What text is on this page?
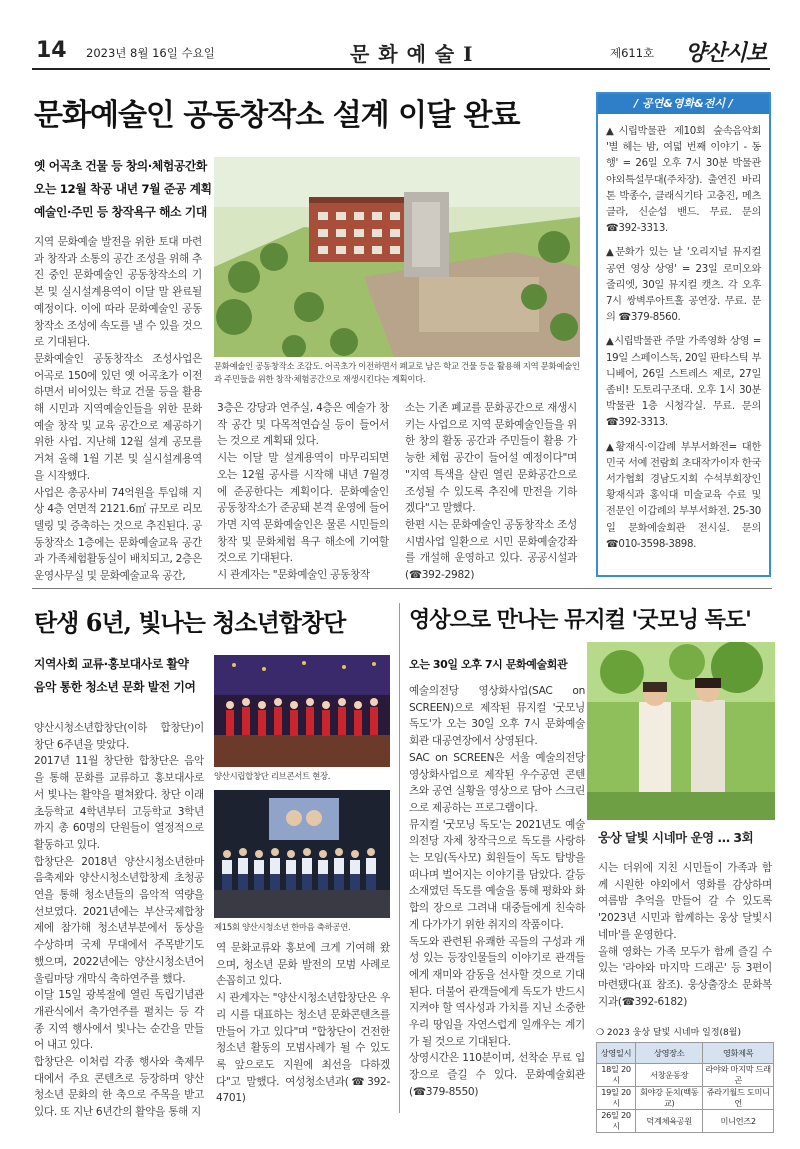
14 2023년 8월 16일 수요일	문 화 예 술 Ⅰ	제611호 양산시보
문화예술인 공동창작소 설계 이달 완료
옛 어곡초 건물 등 창의·체험공간화
오는 12월 착공 내년 7월 준공 계획
예술인·주민 등 창작욕구 해소 기대
문화예술인 공동창작소 조감도. 어곡초가 이전하면서 폐교로 남은 학교 건물 등을 활용해 지역 문화예술인과 주민들을 위한 창작·체험공간으로 재생시킨다는 계획이다.
지역 문화예술 발전을 위한 토대 마련과 창작과 소통의 공간 조성을 위해 추진 중인 문화예술인 공동창작소의 기본 및 실시설계용역이 이달 말 완료될 예정이다. 이에 따라 문화예술인 공동창작소 조성에 속도를 낼 수 있을 것으로 기대된다.
문화예술인 공동창작소 조성사업은 어곡로 150에 있던 옛 어곡초가 이전하면서 비어있는 학교 건물 등을 활용해 시민과 지역예술인들을 위한 문화예술 창작 및 교육 공간으로 제공하기 위한 사업. 지난해 12월 설계 공모를 거쳐 올해 1월 기본 및 실시설계용역을 시작했다.
사업은 총공사비 74억원을 투입해 지상 4층 연면적 2121.6㎡ 규모로 리모델링 및 증축하는 것으로 추진된다. 공동창작소 1층에는 문화예술교육 공간과 가족체험활동실이 배치되고, 2층은 운영사무실 및 문화예술교육 공간,
3층은 강당과 연주실, 4층은 예술가 창작 공간 및 다목적연습실 등이 들어서는 것으로 계획돼 있다.
시는 이달 말 설계용역이 마무리되면 오는 12월 공사를 시작해 내년 7월경에 준공한다는 계획이다. 문화예술인 공동창작소가 준공돼 본격 운영에 들어가면 지역 문화예술인은 물론 시민들의 창작 및 문화체험 욕구 해소에 기여할 것으로 기대된다.
시 관계자는 "문화예술인 공동창작
소는 기존 폐교를 문화공간으로 재생시키는 사업으로 지역 문화예술인들을 위한 창의 활동 공간과 주민들이 활용 가능한 체험 공간이 들어설 예정이다"며 "지역 특색을 살린 열린 문화공간으로 조성될 수 있도록 추진에 만전을 기하겠다"고 말했다.
한편 시는 문화예술인 공동창작소 조성 시범사업 일환으로 시민 문화예술강좌를 개설해 운영하고 있다. 공공시설과(☎392-2982)
/ 공연&영화&전시 /
▲시립박물관 제10회 숲속음악회 '별 헤는 밤, 여덟 번째 이야기 - 동행' = 26일 오후 7시 30분 박물관 야외특설무대(주차장). 출연진 바리톤 박종수, 클래식기타 고충진, 메츠클라, 신순섭 밴드. 무료. 문의 ☎392-3313.
▲문화가 있는 날 '오리지널 뮤지컬 공연 영상 상영' = 23일 로미오와 줄리엣, 30일 뮤지컬 캣츠. 각 오후 7시 쌍벽루아트홀 공연장. 무료. 문의 ☎379-8560.
▲시립박물관 주말 가족영화 상영 = 19일 스페이스독, 20일 판타스틱 부니베어, 26일 스트레스 제로, 27일 좀비! 도토리구조대. 오후 1시 30분 박물관 1층 시청각실. 무료. 문의 ☎392-3313.
▲황재식·이갑례 부부서화전= 대한민국 서예 전람회 초대작가이자 한국서가협회 경남도지회 수석부회장인 황재식과 홍익대 미술교육 수료 및 전문인 이갑례의 부부서화전. 25-30일 문화예술회관 전시실. 문의 ☎010-3598-3898.
탄생 6년, 빛나는 청소년합창단
지역사회 교류·홍보대사로 활약
음악 통한 청소년 문화 발전 기여
양산시립합창단 리브콘서트 현장.
제15회 양산시청소년 한마음 축하공연.
양산시청소년합창단(이하 합창단)이 창단 6주년을 맞았다.
2017년 11월 창단한 합창단은 음악을 통해 문화를 교류하고 홍보대사로서 빛나는 활약을 펼쳐왔다. 창단 이래 초등학교 4학년부터 고등학교 3학년까지 총 60명의 단원들이 열정적으로 활동하고 있다.
합창단은 2018년 양산시청소년한마음축제와 양산시청소년합창제 초청공연을 통해 청소년들의 음악적 역량을 선보였다. 2021년에는 부산국제합창제에 참가해 청소년부분에서 동상을 수상하며 국제 무대에서 주목받기도 했으며, 2022년에는 양산시청소년어울림마당 개막식 축하연주를 했다.
이달 15일 광복절에 열린 독립기념관 개관식에서 축가연주를 펼치는 등 각종 지역 행사에서 빛나는 순간을 만들어 내고 있다.
합창단은 이처럼 각종 행사와 축제무대에서 주요 콘텐츠로 등장하며 양산 청소년 문화의 한 축으로 주목을 받고 있다. 또 지난 6년간의 활약을 통해 지
역 문화교류와 홍보에 크게 기여해 왔으며, 청소년 문화 발전의 모범 사례로 손꼽히고 있다.
시 관계자는 "양산시청소년합창단은 우리 시를 대표하는 청소년 문화콘텐츠를 만들어 가고 있다"며 "합창단이 건전한 청소년 활동의 모범사례가 될 수 있도록 앞으로도 지원에 최선을 다하겠다"고 말했다. 여성청소년과(☎392-4701)
영상으로 만나는 뮤지컬 '굿모닝 독도'
오는 30일 오후 7시 문화예술회관
예술의전당 영상화사업(SAC on SCREEN)으로 제작된 뮤지컬 '굿모닝 독도'가 오는 30일 오후 7시 문화예술회관 대공연장에서 상영된다.
SAC on SCREEN은 서울 예술의전당 영상화사업으로 제작된 우수공연 콘텐츠와 공연 실황을 영상으로 담아 스크린으로 제공하는 프로그램이다.
뮤지컬 '굿모닝 독도'는 2021년도 예술의전당 자체 창작극으로 독도를 사랑하는 모임(독사모) 회원들이 독도 탐방을 떠나며 벌어지는 이야기를 담았다. 갈등 소재였던 독도를 예술을 통해 평화와 화합의 장으로 그려내 대중들에게 친숙하게 다가가기 위한 취지의 작품이다.
독도와 관련된 유쾌한 곡들의 구성과 개성 있는 등장인물들의 이야기로 관객들에게 재미와 감동을 선사할 것으로 기대된다. 더불어 관객들에게 독도가 반드시 지켜야 할 역사성과 가치를 지닌 소중한 우리 땅임을 자연스럽게 일깨우는 계기가 될 것으로 기대된다.
상영시간은 110분이며, 선착순 무료 입장으로 즐길 수 있다. 문화예술회관(☎379-8550)
웅상 달빛 시네마 운영 … 3회
시는 더위에 지친 시민들이 가족과 함께 시원한 야외에서 영화를 감상하며 여름밤 추억을 만들어 갈 수 있도록 '2023년 시민과 함께하는 웅상 달빛시네마'를 운영한다.
올해 영화는 가족 모두가 함께 즐길 수 있는 '라야와 마지막 드래곤' 등 3편이 마련됐다(표 참조). 웅상출장소 문화복지과(☎392-6182)
❍ 2023 웅상 달빛 시네마 일정(8월)
상영일시	상영장소	영화제목
18일 20시	서창운동장	라야와 마지막 드래곤
19일 20시	회야강 둔치(백동교)	쥬라기월드 도미니언
26일 20시	덕계체육공원	미니언즈2
